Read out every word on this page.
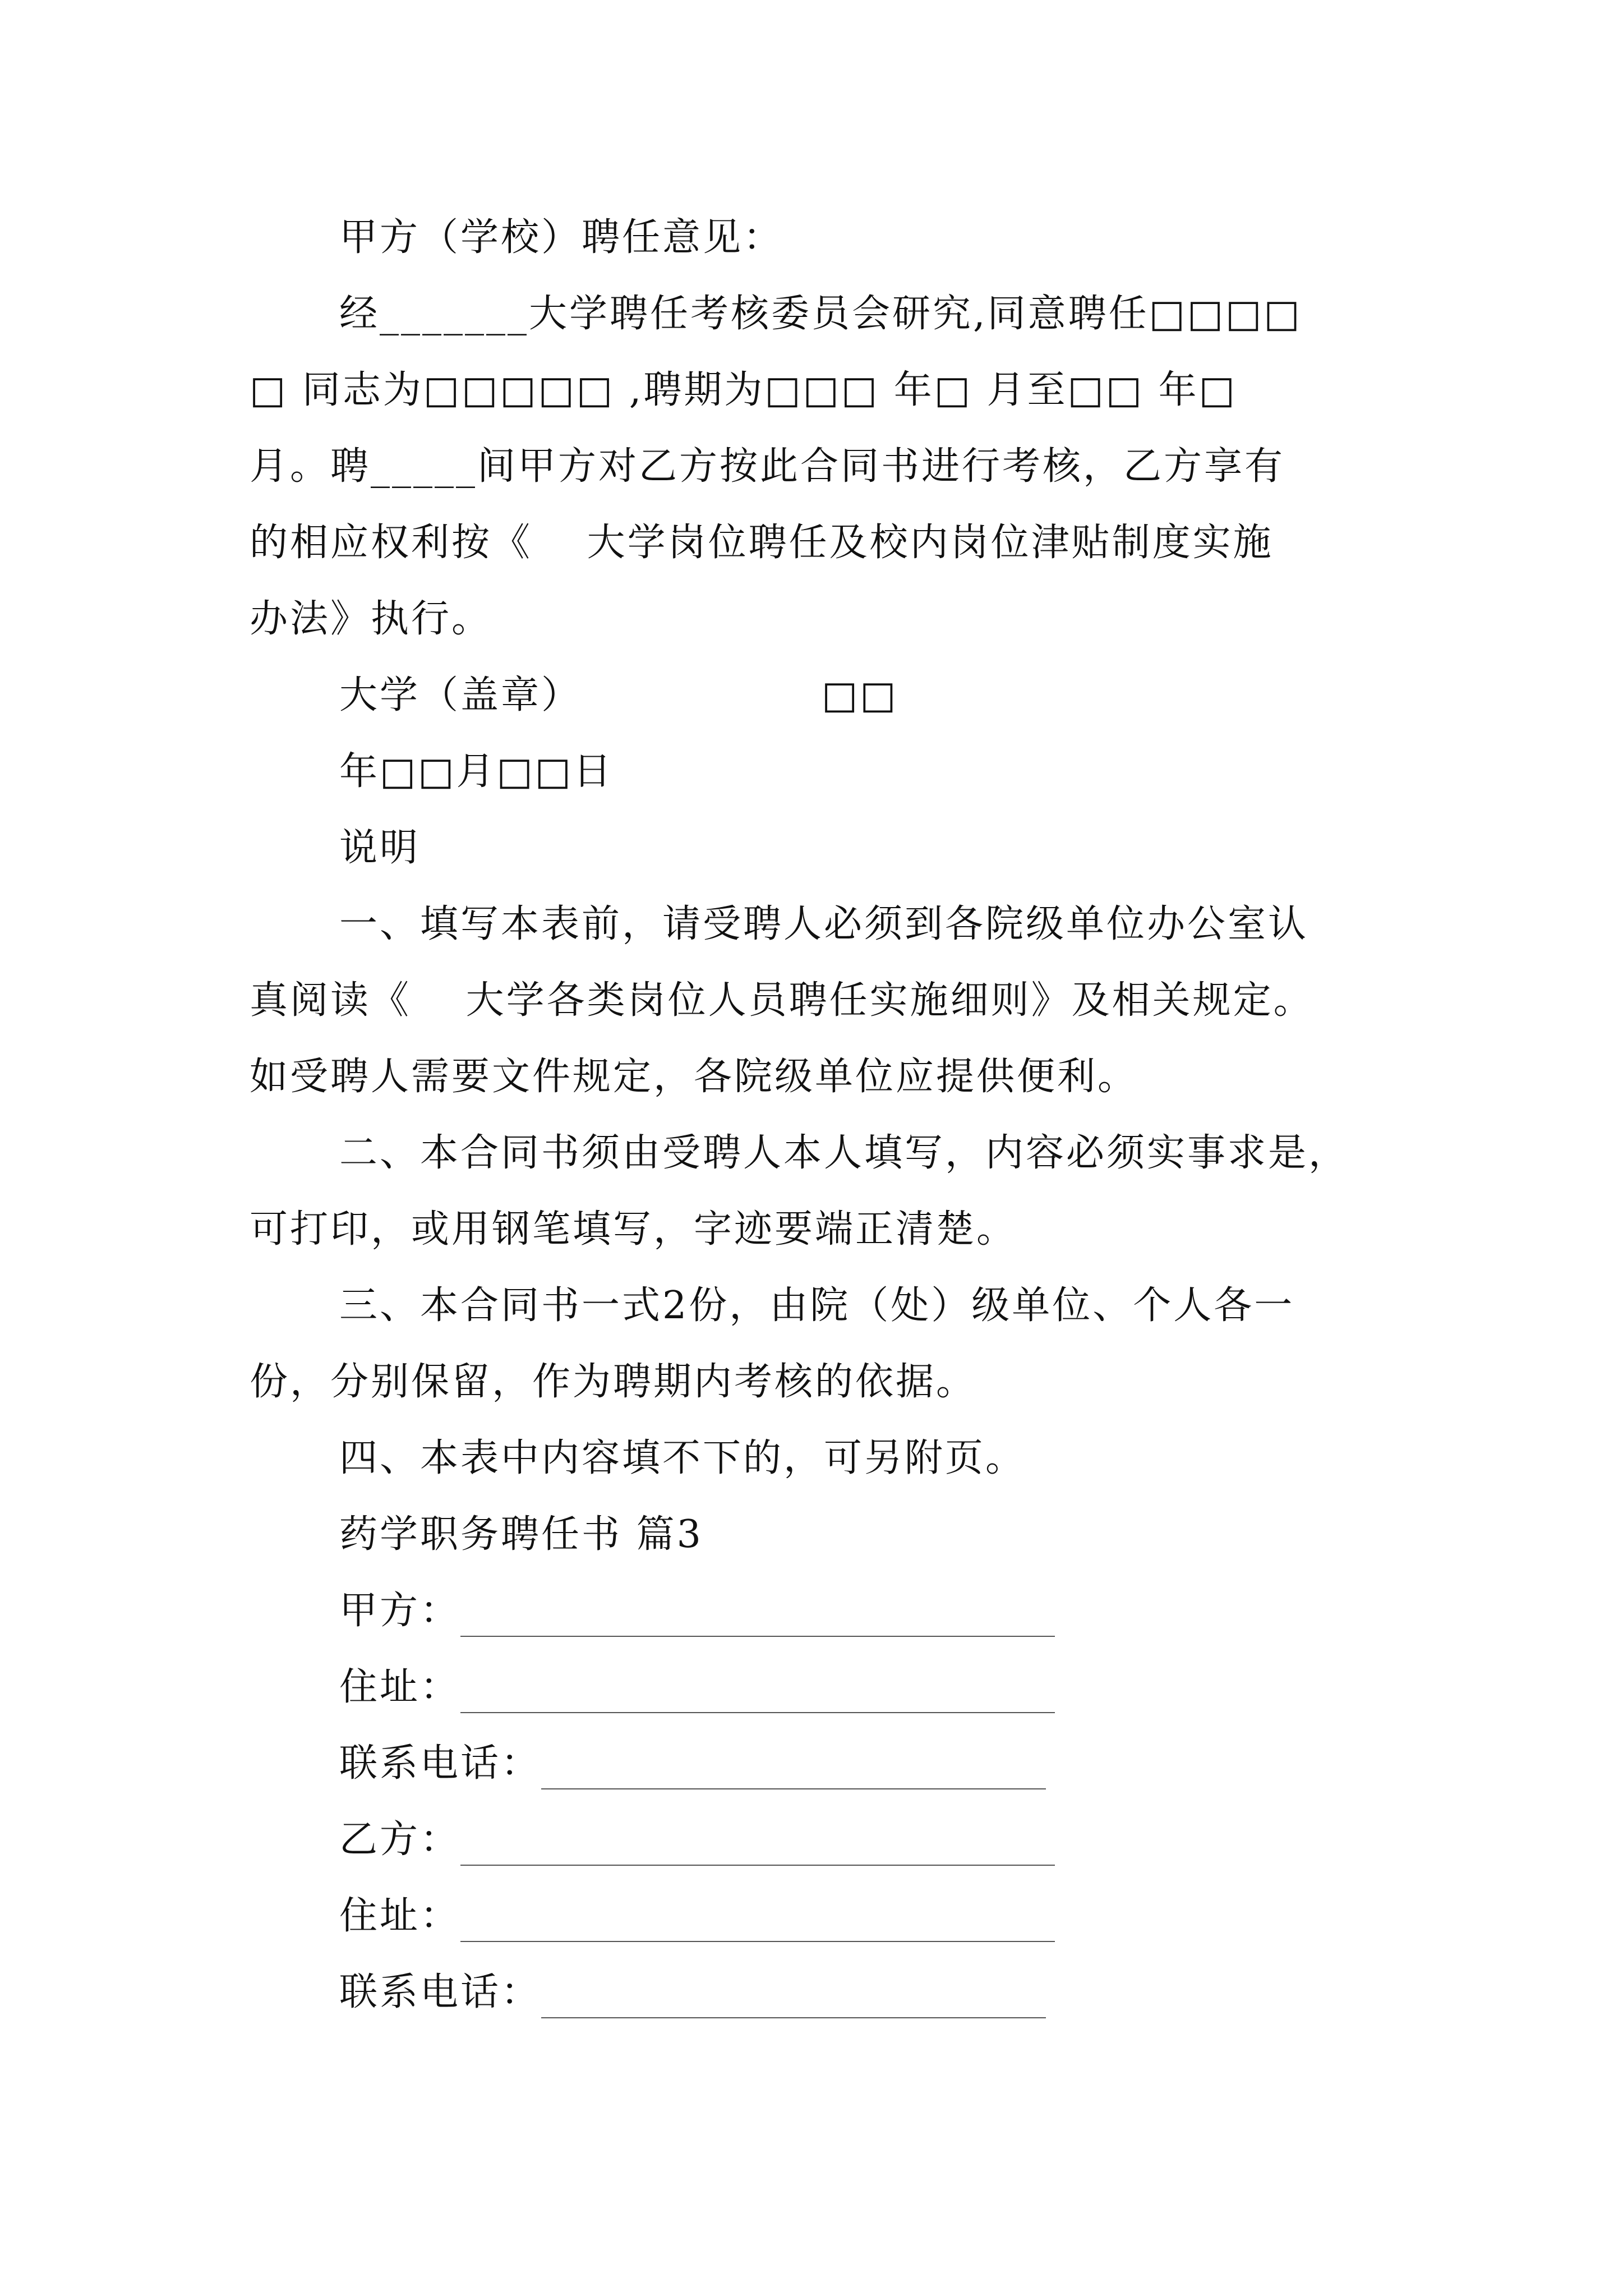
甲方（学校）聘任意见：
经_______大学聘任考核委员会研究,同意聘任□□□□
□ 同志为□□□□□ ,聘期为□□□ 年□ 月至□□ 年□
月。聘_____间甲方对乙方按此合同书进行考核，乙方享有
的相应权利按《　 大学岗位聘任及校内岗位津贴制度实施
办法》执行。
大学（盖章）	□□
年□□月□□日
说明
一、填写本表前，请受聘人必须到各院级单位办公室认
真阅读《　 大学各类岗位人员聘任实施细则》及相关规定。
如受聘人需要文件规定，各院级单位应提供便利。
二、本合同书须由受聘人本人填写，内容必须实事求是，
可打印，或用钢笔填写，字迹要端正清楚。
三、本合同书一式2份，由院（处）级单位、个人各一
份，分别保留，作为聘期内考核的依据。
四、本表中内容填不下的，可另附页。
药学职务聘任书 篇3
甲方：
住址：
联系电话：
乙方：
住址：
联系电话：
